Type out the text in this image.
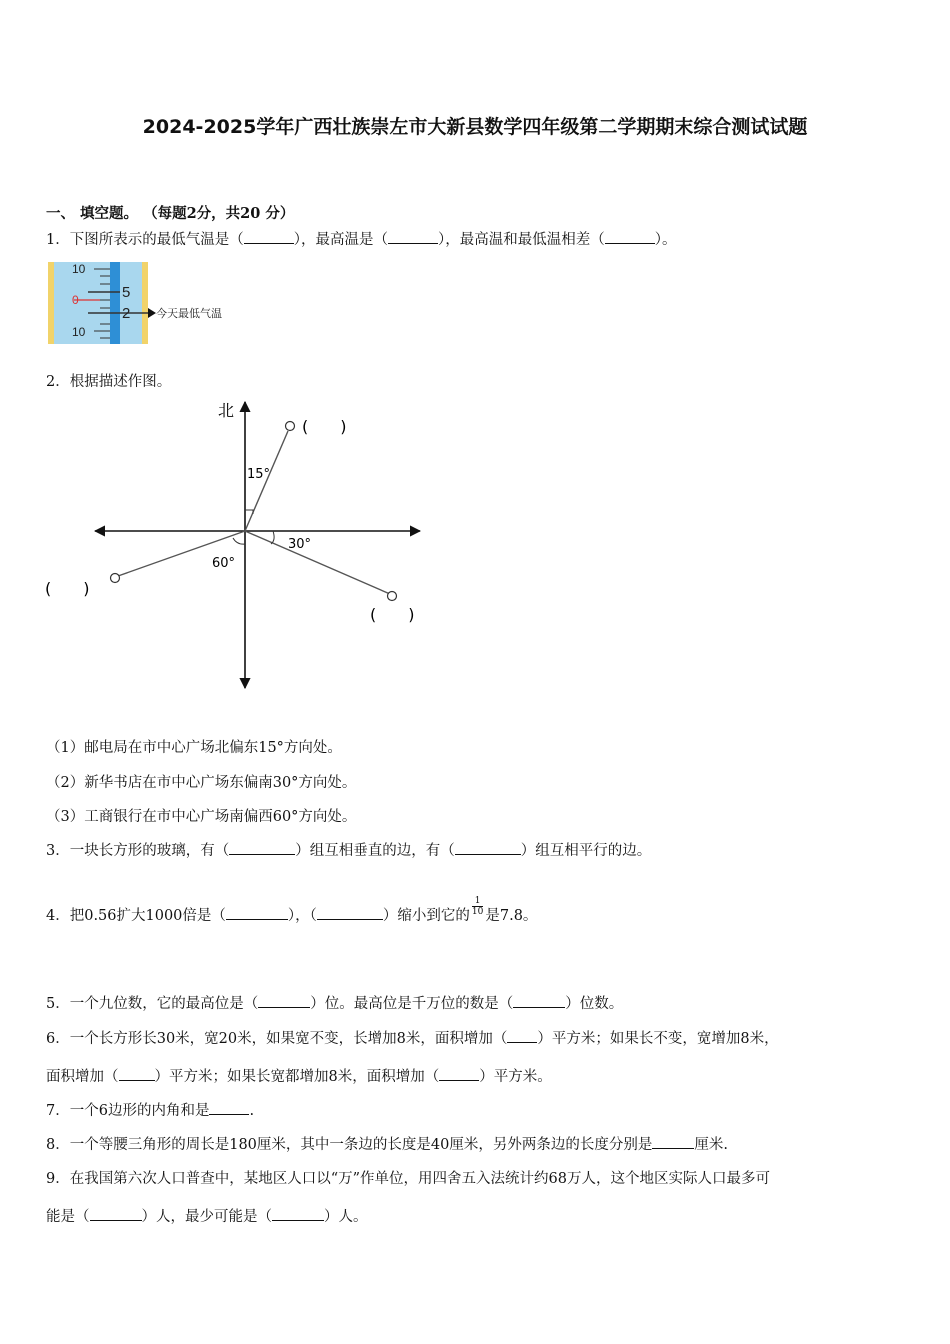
2024-2025学年广西壮族崇左市大新县数学四年级第二学期期末综合测试试题
一、 填空题。 （每题2分，共20 分）
1．下图所表示的最低气温是（	），最高温是（	），最高温和最低温相差（	）。
10
0
10
5
2 今天最低气温
2．根据描述作图。
北
(　　)
15°
(　　)
30°
(　　)
60°
（1）邮电局在市中心广场北偏东15°方向处。
（2）新华书店在市中心广场东偏南30°方向处。
（3）工商银行在市中心广场南偏西60°方向处。
3．一块长方形的玻璃，有（	）组互相垂直的边，有（	）组互相平行的边。
4．把0.56扩大1000倍是（	），（	）缩小到它的 $\frac{1}{10}$ 是7.8。
5．一个九位数，它的最高位是（	）位。最高位是千万位的数是（	）位数。
6．一个长方形长30米，宽20米，如果宽不变，长增加8米，面积增加（ ）平方米；如果长不变，宽增加8米，
面积增加（ ）平方米；如果长宽都增加8米，面积增加（	）平方米。
7．一个6边形的内角和是	.
8．一个等腰三角形的周长是180厘米，其中一条边的长度是40厘米，另外两条边的长度分别是	厘米.
9．在我国第六次人口普查中，某地区人口以“万”作单位，用四舍五入法统计约68万人，这个地区实际人口最多可
能是（	）人，最少可能是（	）人。
